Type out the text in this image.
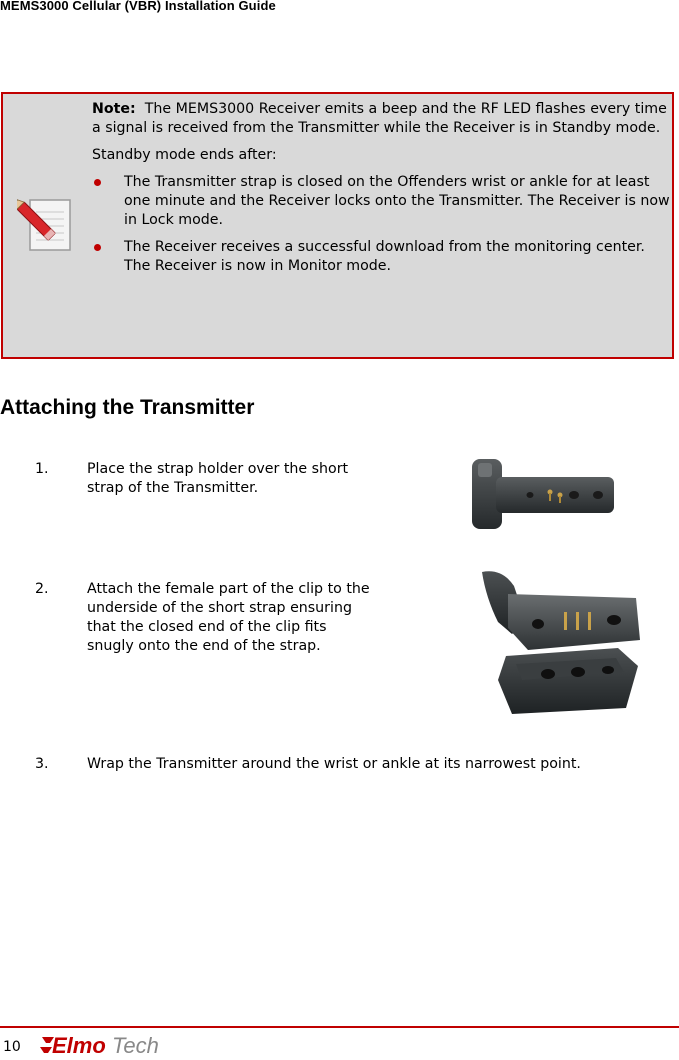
MEMS3000 Cellular (VBR) Installation Guide

Note: The MEMS3000 Receiver emits a beep and the RF LED flashes every time a signal is received from the Transmitter while the Receiver is in Standby mode.

Standby mode ends after:

The Transmitter strap is closed on the Offenders wrist or ankle for at least one minute and the Receiver locks onto the Transmitter. The Receiver is now in Lock mode.
The Receiver receives a successful download from the monitoring center. The Receiver is now in Monitor mode.
Attaching the Transmitter
1.	Place the strap holder over the short strap of the Transmitter.
2.	Attach the female part of the clip to the underside of the short strap ensuring that the closed end of the clip fits snugly onto the end of the strap.
3.	Wrap the Transmitter around the wrist or ankle at its narrowest point.
10 Elmo Tech
